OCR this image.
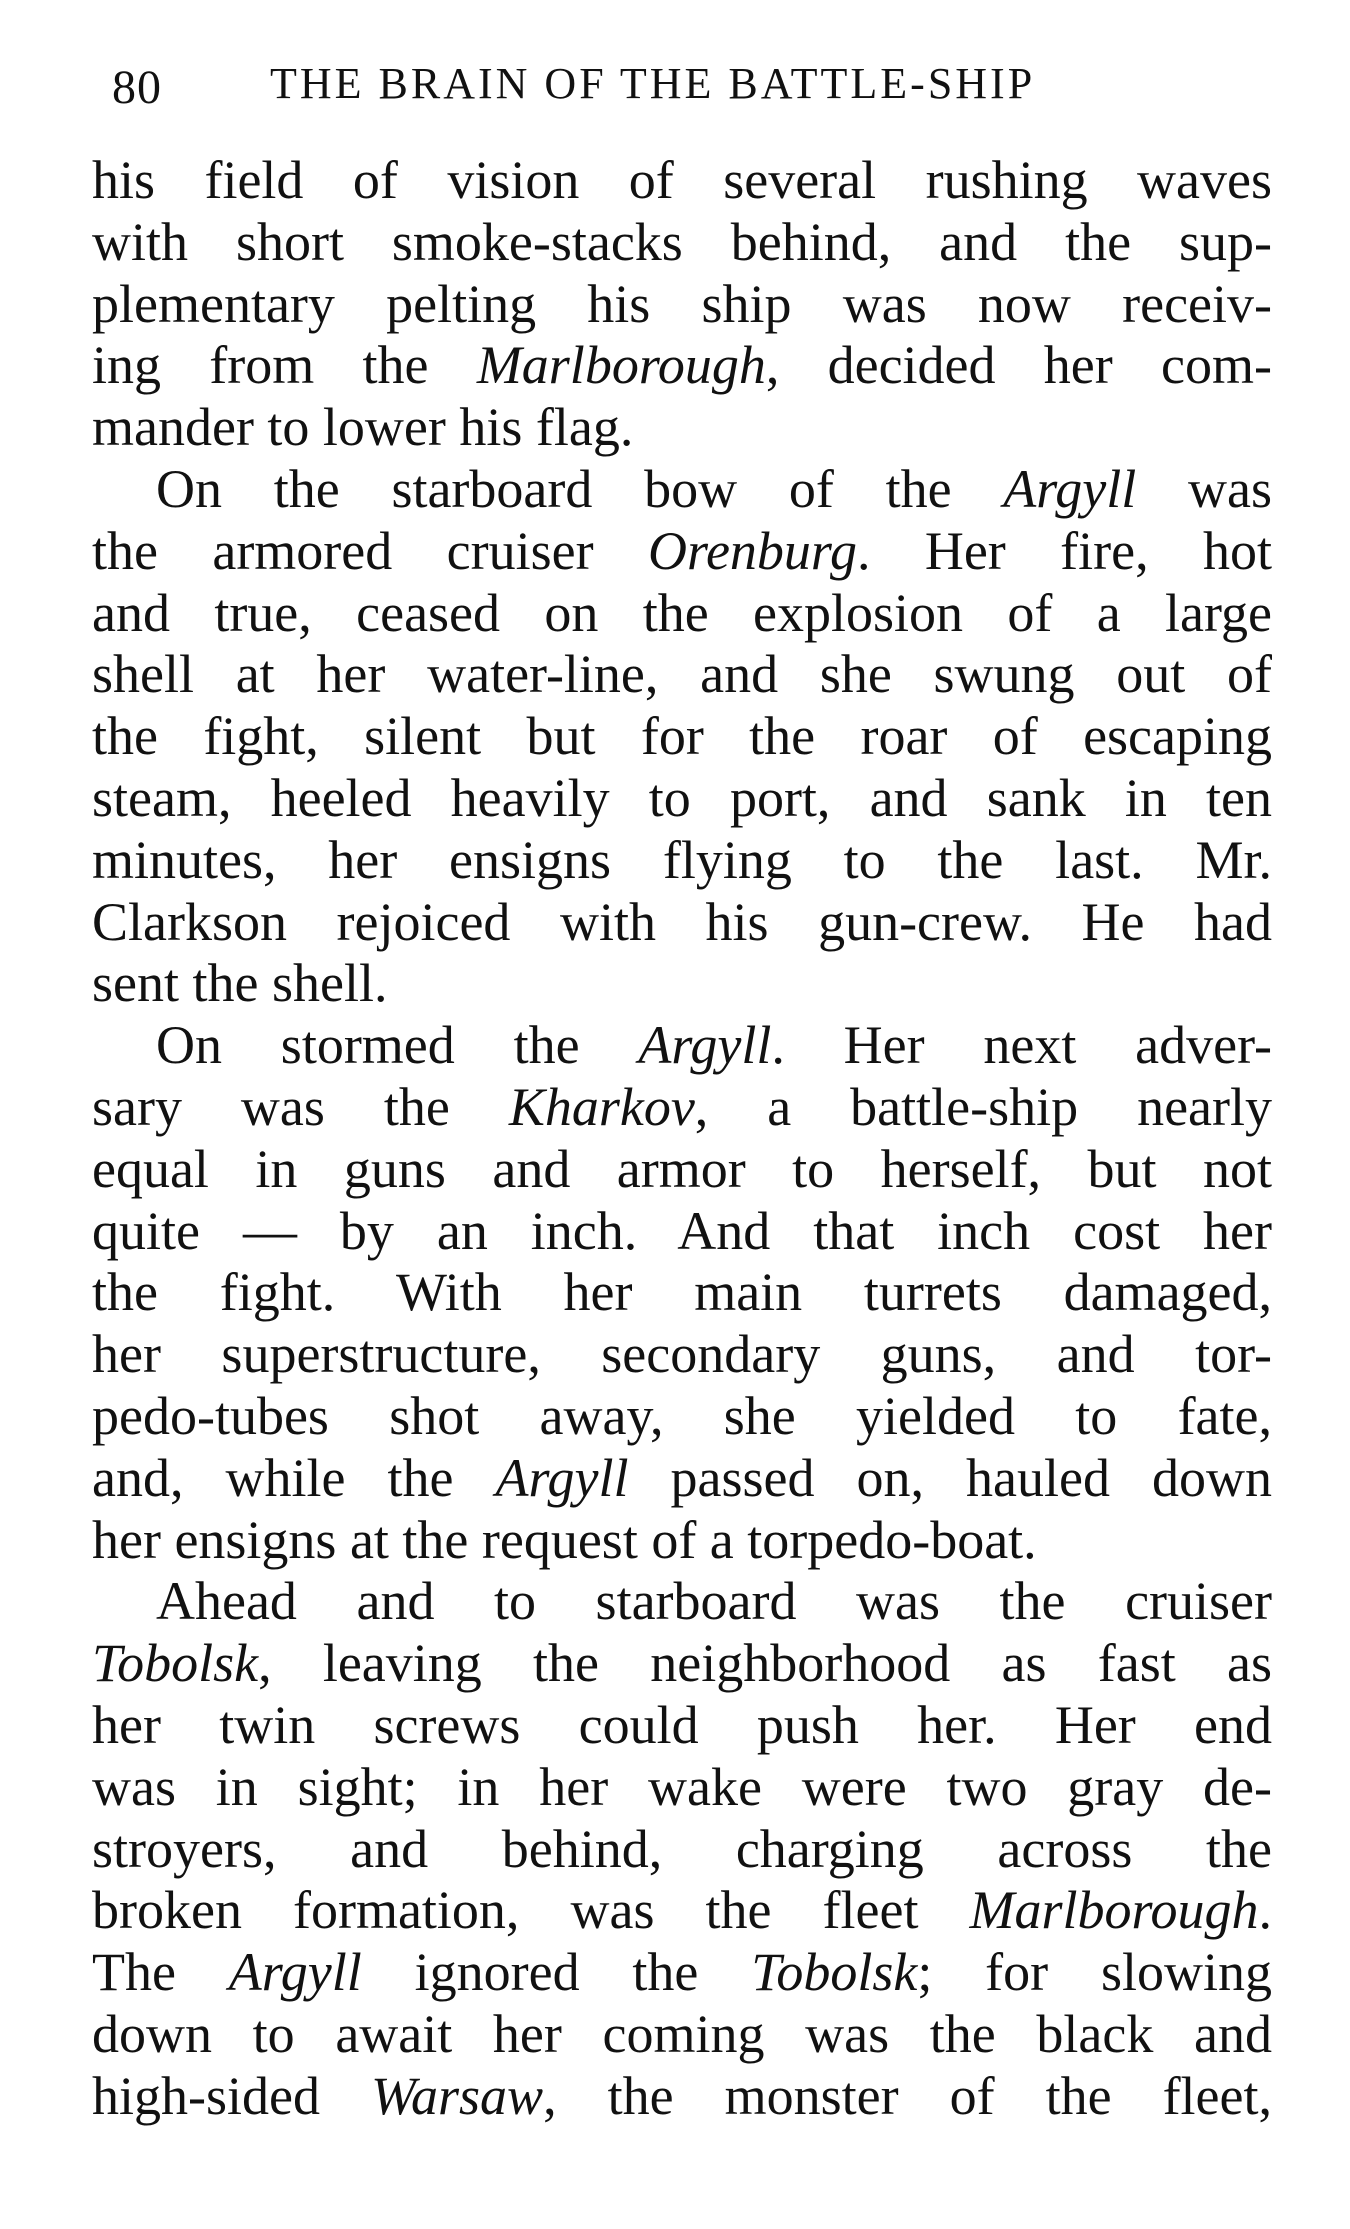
80 THE BRAIN OF THE BATTLE-SHIP
his field of vision of several rushing waves
with short smoke-stacks behind, and the sup-
plementary pelting his ship was now receiv-
ing from the Marlborough, decided her com-
mander to lower his flag.
On the starboard bow of the Argyll was
the armored cruiser Orenburg. Her fire, hot
and true, ceased on the explosion of a large
shell at her water-line, and she swung out of
the fight, silent but for the roar of escaping
steam, heeled heavily to port, and sank in ten
minutes, her ensigns flying to the last. Mr.
Clarkson rejoiced with his gun-crew. He had
sent the shell.
On stormed the Argyll. Her next adver-
sary was the Kharkov, a battle-ship nearly
equal in guns and armor to herself, but not
quite — by an inch. And that inch cost her
the fight. With her main turrets damaged,
her superstructure, secondary guns, and tor-
pedo-tubes shot away, she yielded to fate,
and, while the Argyll passed on, hauled down
her ensigns at the request of a torpedo-boat.
Ahead and to starboard was the cruiser
Tobolsk, leaving the neighborhood as fast as
her twin screws could push her. Her end
was in sight; in her wake were two gray de-
stroyers, and behind, charging across the
broken formation, was the fleet Marlborough.
The Argyll ignored the Tobolsk; for slowing
down to await her coming was the black and
high-sided Warsaw, the monster of the fleet,
